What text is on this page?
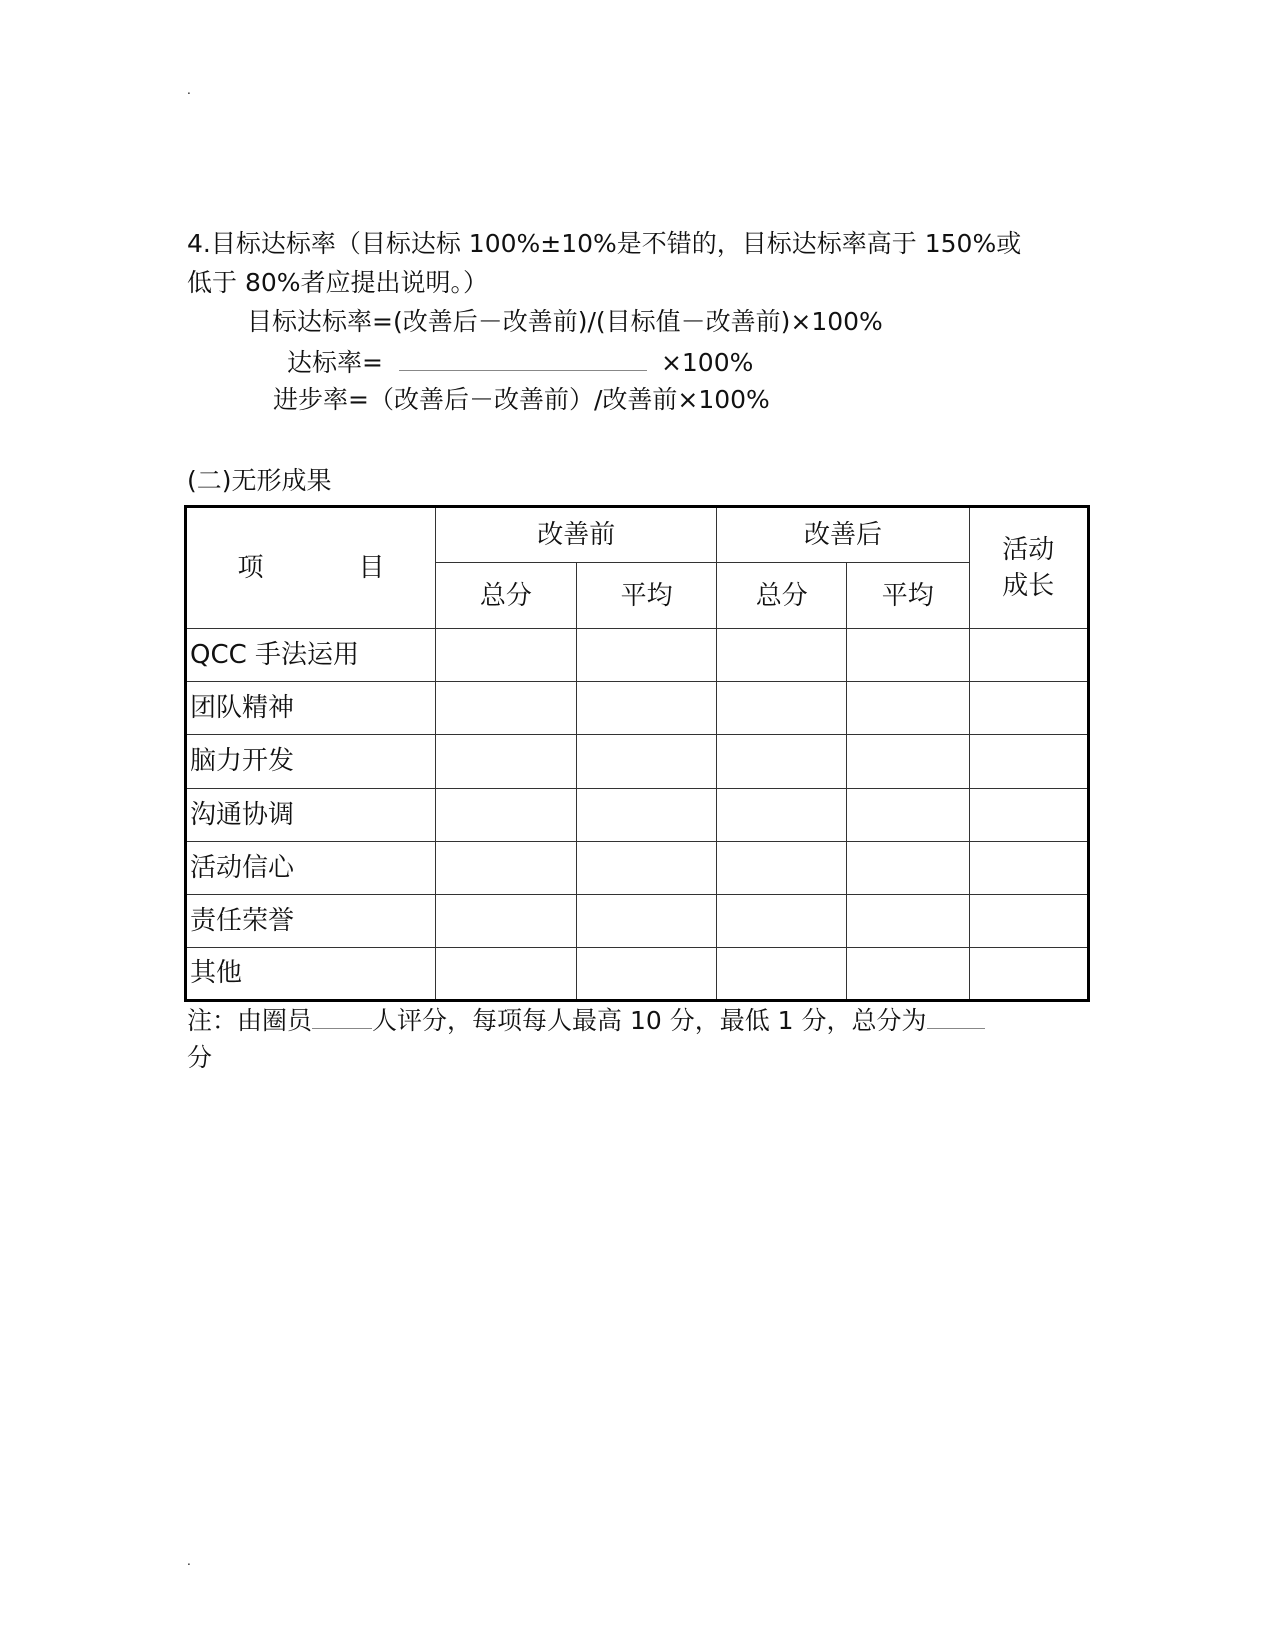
.
4.目标达标率（目标达标 100%±10%是不错的，目标达标率高于 150%或
低于 80%者应提出说明。）
目标达标率=(改善后－改善前)/(目标值－改善前)×100%
达标率=	×100%
进步率=（改善后－改善前）/改善前×100%
(二)无形成果
项 目	改善前		改善后		活动
成长

	总分	平均	总分	平均	
QCC 手法运用					
团队精神					
脑力开发					
沟通协调					
活动信心					
责任荣誉					
其他					
注：由圈员 人评分，每项每人最高 10 分，最低 1 分，总分为
分
.
